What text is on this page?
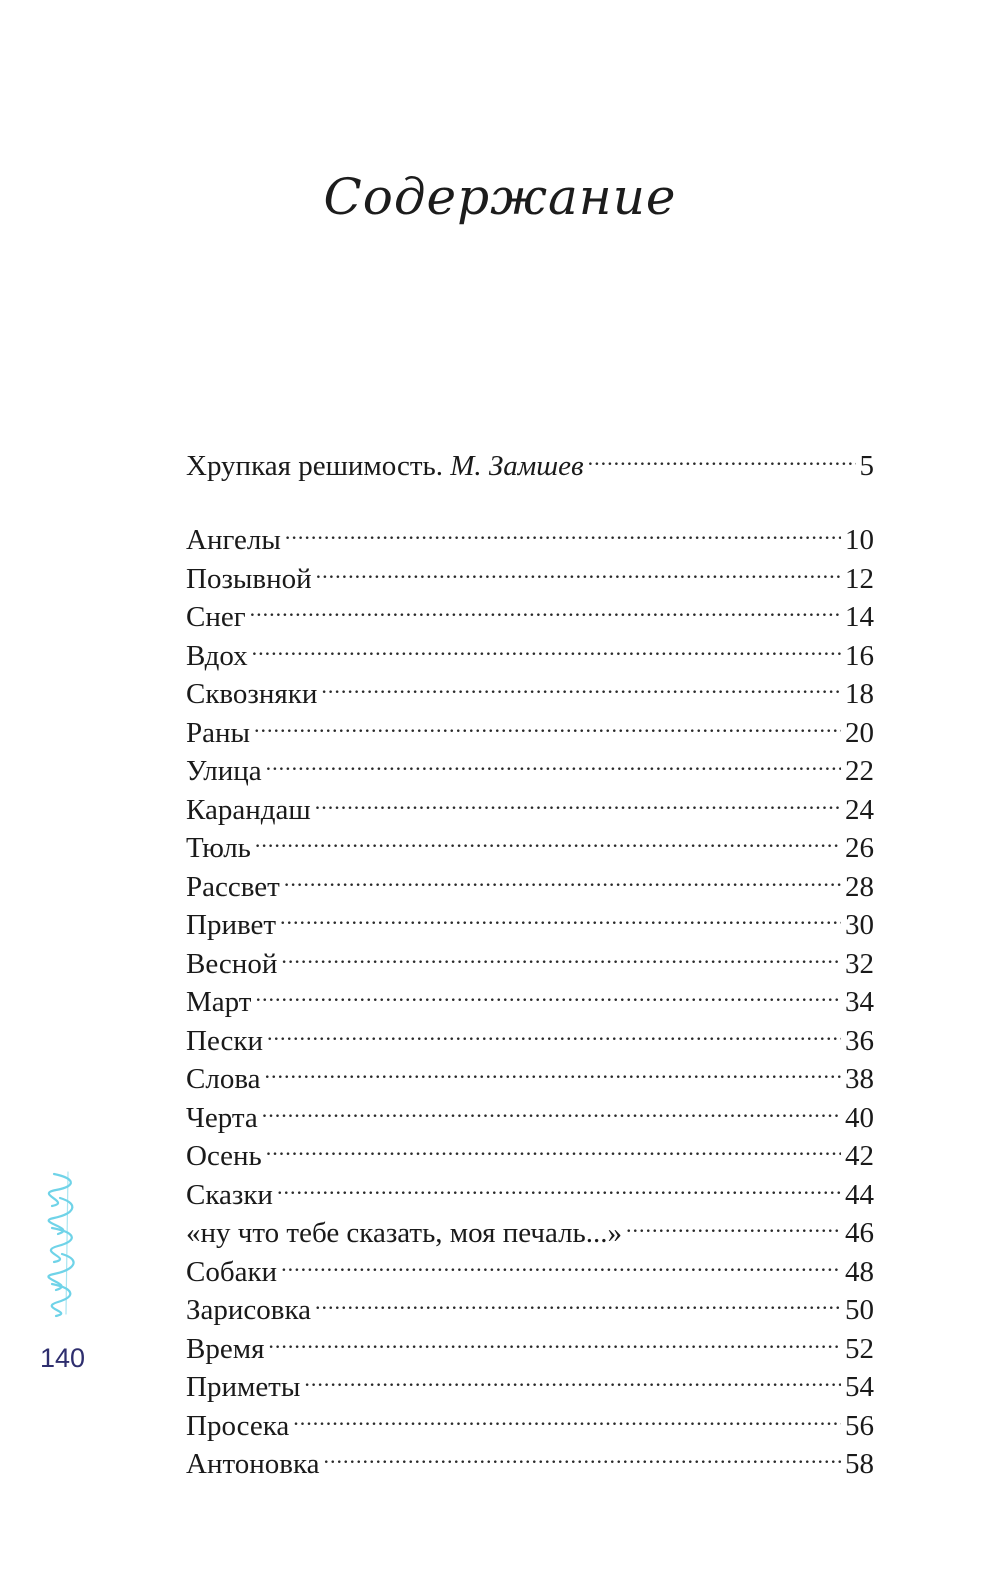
Содержание
Хрупкая решимость. М. Замшев .....	5
Ангелы .....	10
Позывной .....	12
Снег .....	14
Вдох .....	16
Сквозняки .....	18
Раны .....	20
Улица .....	22
Карандаш .....	24
Тюль .....	26
Рассвет .....	28
Привет .....	30
Весной .....	32
Март .....	34
Пески .....	36
Слова .....	38
Черта .....	40
Осень .....	42
Сказки .....	44
«ну что тебе сказать, моя печаль...» .....	46
Собаки .....	48
Зарисовка .....	50
Время .....	52
Приметы .....	54
Просека .....	56
Антоновка .....	58
140
